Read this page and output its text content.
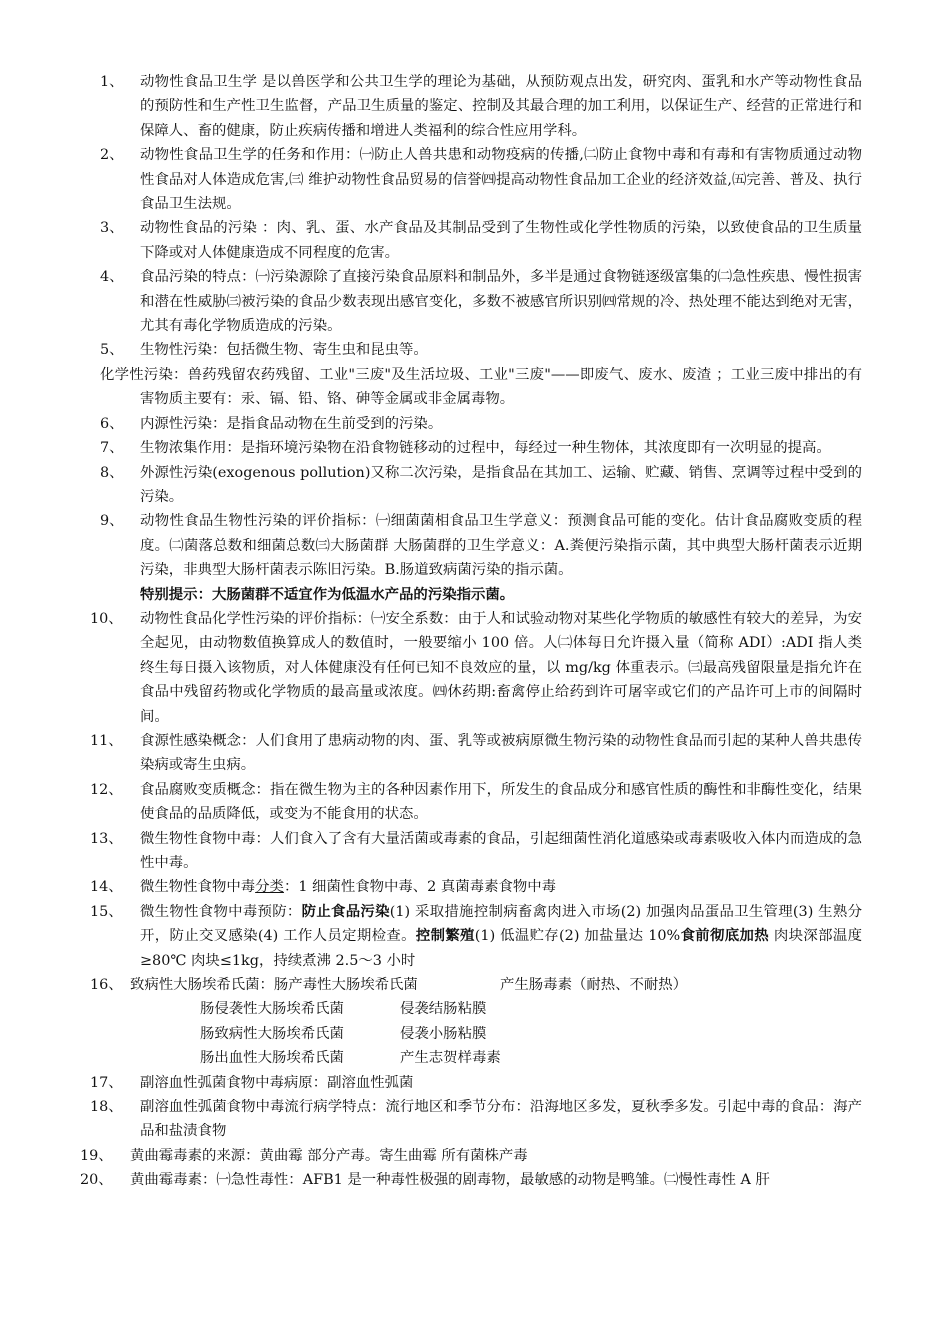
1、	动物性食品卫生学 是以兽医学和公共卫生学的理论为基础，从预防观点出发，研究肉、蛋乳和水产等动物性食品的预防性和生产性卫生监督，产品卫生质量的鉴定、控制及其最合理的加工利用，以保证生产、经营的正常进行和保障人、畜的健康，防止疾病传播和增进人类福利的综合性应用学科。
2、	动物性食品卫生学的任务和作用：㈠防止人兽共患和动物疫病的传播,㈡防止食物中毒和有毒和有害物质通过动物性食品对人体造成危害,㈢ 维护动物性食品贸易的信誉㈣提高动物性食品加工企业的经济效益,㈤完善、普及、执行食品卫生法规。
3、	动物性食品的污染 ：肉、乳、蛋、水产食品及其制品受到了生物性或化学性物质的污染，以致使食品的卫生质量下降或对人体健康造成不同程度的危害。
4、	食品污染的特点：㈠污染源除了直接污染食品原料和制品外，多半是通过食物链逐级富集的㈡急性疾患、慢性损害和潜在性威胁㈢被污染的食品少数表现出感官变化，多数不被感官所识别㈣常规的冷、热处理不能达到绝对无害，尤其有毒化学物质造成的污染。
5、	生物性污染：包括微生物、寄生虫和昆虫等。
化学性污染：兽药残留农药残留、工业"三废"及生活垃圾、工业"三废"——即废气、废水、废渣 ；工业三废中排出的有害物质主要有：汞、镉、铅、铬、砷等金属或非金属毒物。
6、	内源性污染：是指食品动物在生前受到的污染。
7、	生物浓集作用：是指环境污染物在沿食物链移动的过程中，每经过一种生物体，其浓度即有一次明显的提高。
8、	外源性污染(exogenous pollution)又称二次污染，是指食品在其加工、运输、贮藏、销售、烹调等过程中受到的污染。
9、	动物性食品生物性污染的评价指标：㈠细菌菌相食品卫生学意义：预测食品可能的变化。估计食品腐败变质的程度。㈡菌落总数和细菌总数㈢大肠菌群 大肠菌群的卫生学意义：A.粪便污染指示菌，其中典型大肠杆菌表示近期污染，非典型大肠杆菌表示陈旧污染。B.肠道致病菌污染的指示菌。
特别提示：大肠菌群不适宜作为低温水产品的污染指示菌。
10、	动物性食品化学性污染的评价指标：㈠安全系数：由于人和试验动物对某些化学物质的敏感性有较大的差异，为安全起见，由动物数值换算成人的数值时，一般要缩小 100 倍。人㈡体每日允许摄入量（简称 ADI）:ADI 指人类终生每日摄入该物质，对人体健康没有任何已知不良效应的量，以 mg/kg 体重表示。㈢最高残留限量是指允许在食品中残留药物或化学物质的最高量或浓度。㈣休药期:畜禽停止给药到许可屠宰或它们的产品许可上市的间隔时间。
11、	食源性感染概念：人们食用了患病动物的肉、蛋、乳等或被病原微生物污染的动物性食品而引起的某种人兽共患传染病或寄生虫病。
12、	食品腐败变质概念：指在微生物为主的各种因素作用下，所发生的食品成分和感官性质的酶性和非酶性变化，结果使食品的品质降低，或变为不能食用的状态。
13、	微生物性食物中毒：人们食入了含有大量活菌或毒素的食品，引起细菌性消化道感染或毒素吸收入体内而造成的急性中毒。
14、	微生物性食物中毒分类：1 细菌性食物中毒、2 真菌毒素食物中毒
15、	微生物性食物中毒预防：防止食品污染(1) 采取措施控制病畜禽肉进入市场(2) 加强肉品蛋品卫生管理(3) 生熟分开，防止交叉感染(4) 工作人员定期检查。控制繁殖(1) 低温贮存(2) 加盐量达 10%食前彻底加热 肉块深部温度≥80℃ 肉块≤1kg，持续煮沸 2.5～3 小时
16、 致病性大肠埃希氏菌：肠产毒性大肠埃希氏菌	产生肠毒素（耐热、不耐热）
肠侵袭性大肠埃希氏菌	侵袭结肠粘膜
肠致病性大肠埃希氏菌	侵袭小肠粘膜
肠出血性大肠埃希氏菌	产生志贺样毒素
17、	副溶血性弧菌食物中毒病原：副溶血性弧菌
18、	副溶血性弧菌食物中毒流行病学特点：流行地区和季节分布：沿海地区多发，夏秋季多发。引起中毒的食品：海产品和盐渍食物
19、	黄曲霉毒素的来源：黄曲霉 部分产毒。寄生曲霉 所有菌株产毒
20、	黄曲霉毒素：㈠急性毒性：AFB1 是一种毒性极强的剧毒物，最敏感的动物是鸭雏。㈡慢性毒性 A 肝
